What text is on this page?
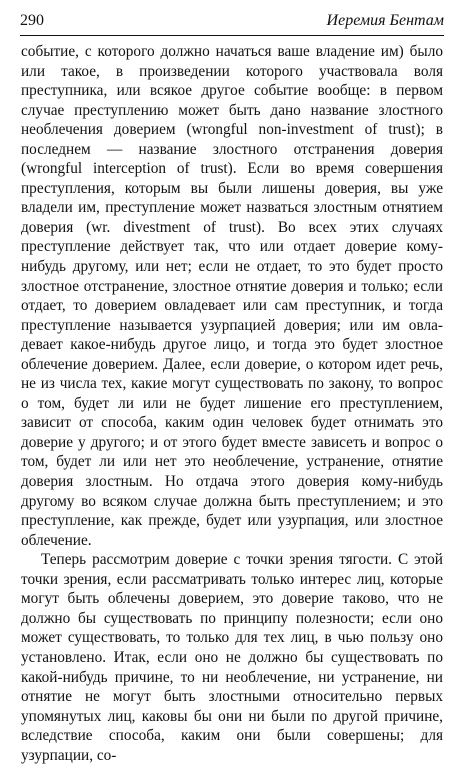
290	Иеремия Бентам

событие, с которого должно начаться ваше владение им) было или такое, в произведении которого участвовала воля преступника, или всякое другое событие вообще: в первом случае преступлению может быть дано название злостного необлечения доверием (wrongful non-investment of trust); в последнем — название злостного отстранения доверия (wrongful interception of trust). Если во время совершения преступления, которым вы были лишены доверия, вы уже владели им, преступление может назваться злостным отнятием доверия (wr. divestment of trust). Во всех этих случаях преступление действует так, что или отдает доверие кому-нибудь другому, или нет; если не отдает, то это будет просто злостное отстранение, злостное отнятие доверия и только; если отдает, то доверием овладевает или сам преступник, и тогда преступление называется узурпацией доверия; или им овладевает какое-нибудь другое лицо, и тогда это будет злостное облечение доверием. Далее, если доверие, о котором идет речь, не из числа тех, какие могут существовать по закону, то вопрос о том, будет ли или не будет лишение его преступлением, зависит от способа, каким один человек будет отнимать это доверие у другого; и от этого будет вместе зависеть и вопрос о том, будет ли или нет это необлечение, устранение, отнятие доверия злостным. Но отдача этого доверия кому-нибудь другому во всяком случае должна быть преступлением; и это преступление, как прежде, будет или узурпация, или злостное облечение.

Теперь рассмотрим доверие с точки зрения тягости. С этой точки зрения, если рассматривать только интерес лиц, которые могут быть облечены доверием, это доверие таково, что не должно бы существовать по принципу полезности; если оно может существовать, то только для тех лиц, в чью пользу оно установлено. Итак, если оно не должно бы существовать по какой-нибудь причине, то ни необлечение, ни устранение, ни отнятие не могут быть злостными относительно первых упомянутых лиц, каковы бы они ни были по другой причине, вследствие способа, каким они были совершены; для узурпации, со-
